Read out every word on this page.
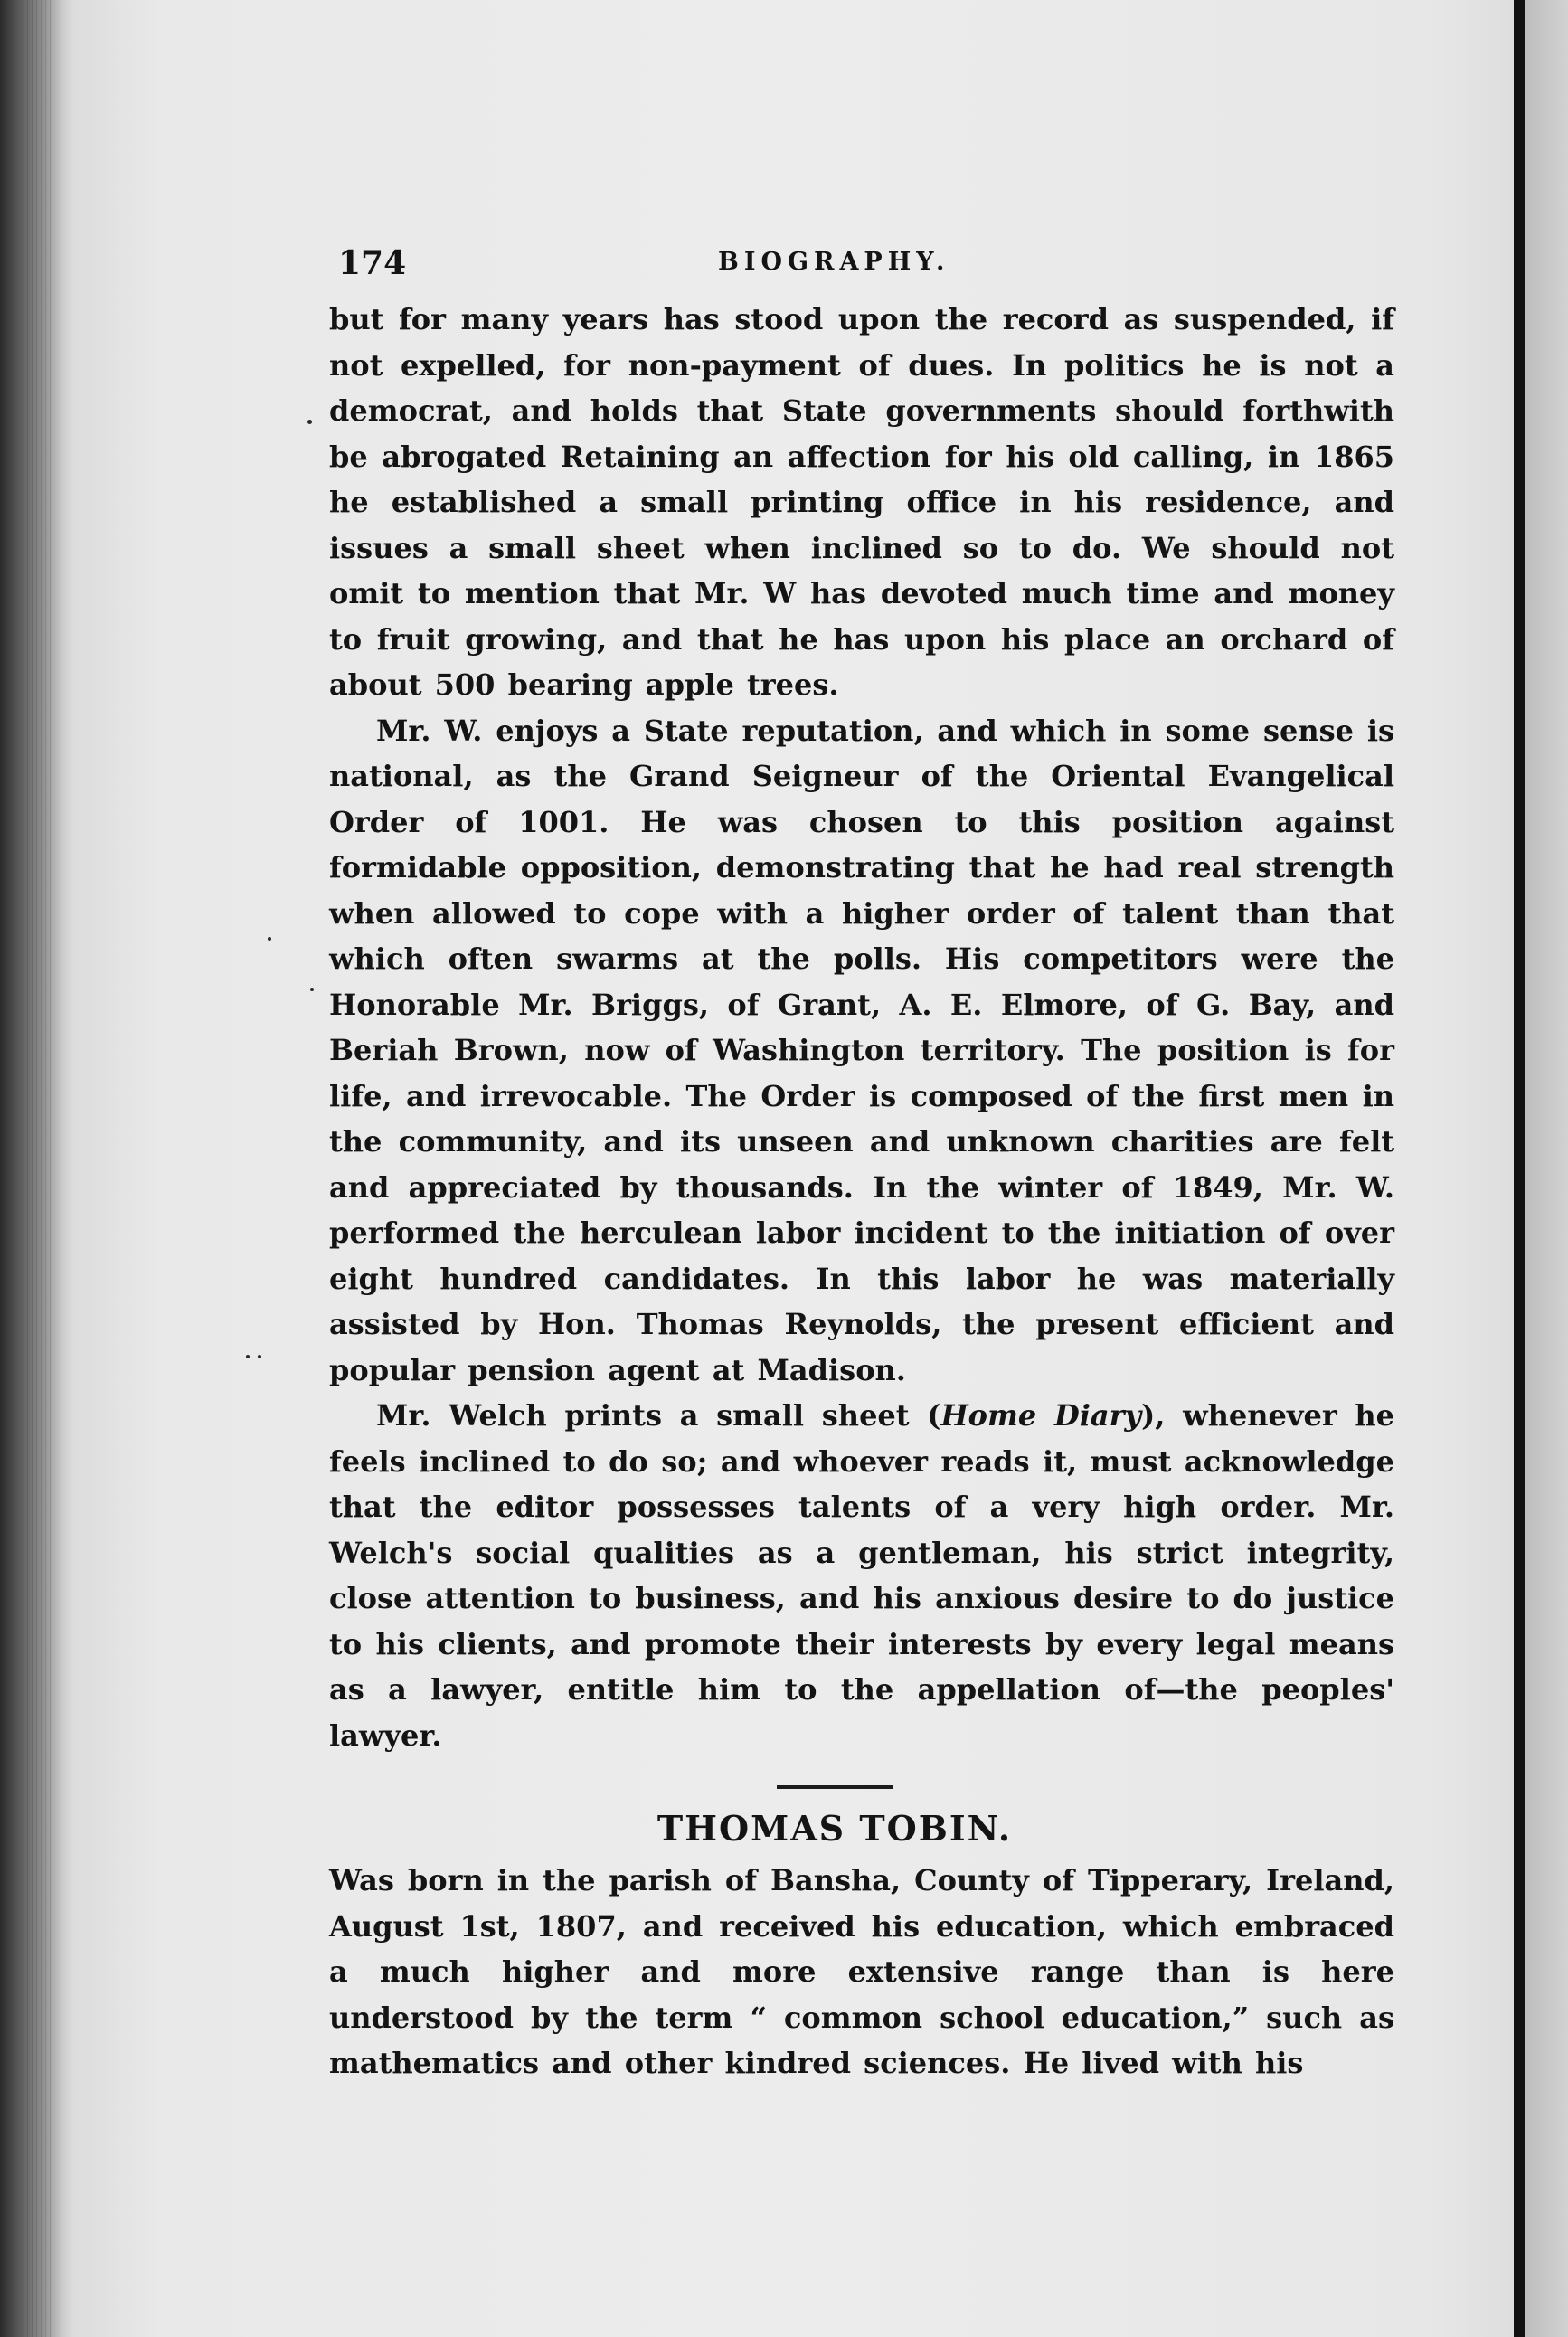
174	BIOGRAPHY.

but for many years has stood upon the record as suspended, if not expelled, for non-payment of dues. In politics he is not a democrat, and holds that State governments should forthwith be abrogated Retaining an affection for his old calling, in 1865 he established a small printing office in his residence, and issues a small sheet when inclined so to do. We should not omit to mention that Mr. W has devoted much time and money to fruit growing, and that he has upon his place an orchard of about 500 bearing apple trees.

Mr. W. enjoys a State reputation, and which in some sense is national, as the Grand Seigneur of the Oriental Evangelical Order of 1001. He was chosen to this position against formidable opposition, demonstrating that he had real strength when allowed to cope with a higher order of talent than that which often swarms at the polls. His competitors were the Honorable Mr. Briggs, of Grant, A. E. Elmore, of G. Bay, and Beriah Brown, now of Washington territory. The position is for life, and irrevocable. The Order is composed of the first men in the community, and its unseen and unknown charities are felt and appreciated by thousands. In the winter of 1849, Mr. W. performed the herculean labor incident to the initiation of over eight hundred candidates. In this labor he was materially assisted by Hon. Thomas Reynolds, the present efficient and popular pension agent at Madison.

Mr. Welch prints a small sheet (Home Diary), whenever he feels inclined to do so; and whoever reads it, must acknowledge that the editor possesses talents of a very high order. Mr. Welch's social qualities as a gentleman, his strict integrity, close attention to business, and his anxious desire to do justice to his clients, and promote their interests by every legal means as a lawyer, entitle him to the appellation of—the peoples' lawyer.

THOMAS TOBIN.

Was born in the parish of Bansha, County of Tipperary, Ireland, August 1st, 1807, and received his education, which embraced a much higher and more extensive range than is here understood by the term “ common school education,” such as mathematics and other kindred sciences. He lived with his
